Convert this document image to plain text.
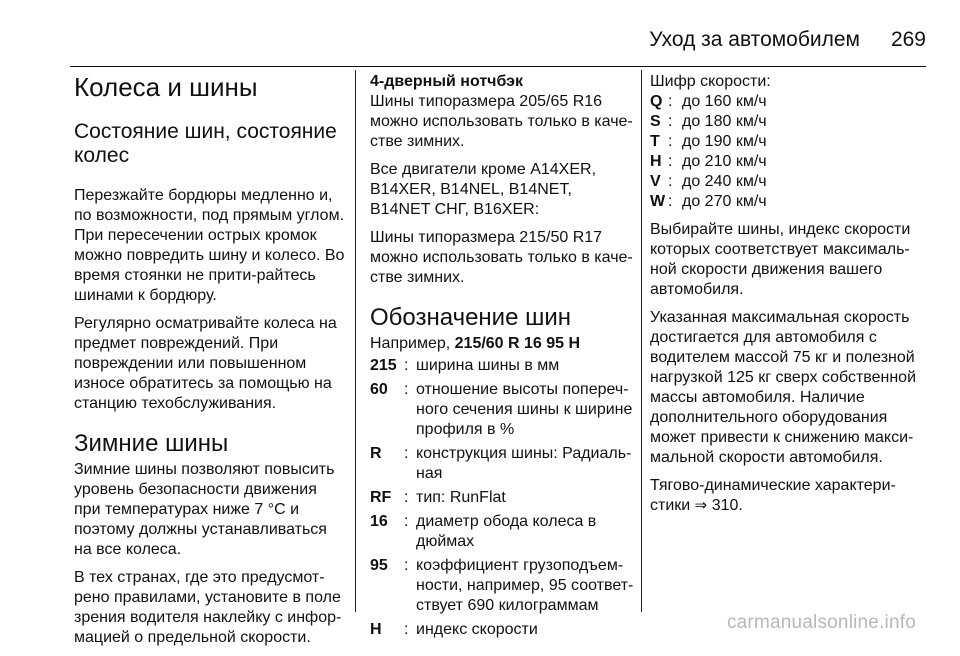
Уход за автомобилем 269
Колеса и шины
Состояние шин, состояние колес

Перезжайте бордюры медленно и, по возможности, под прямым углом. При пересечении острых кромок можно повредить шину и колесо. Во время стоянки не прити-райтесь шинами к бордюру.

Регулярно осматривайте колеса на предмет повреждений. При повреждении или повышенном износе обратитесь за помощью на станцию техобслуживания.

Зимние шины

Зимние шины позволяют повысить уровень безопасности движения при температурах ниже 7 °C и поэтому должны устанавливаться на все колеса.

В тех странах, где это предусмот-рено правилами, установите в поле зрения водителя наклейку с инфор-мацией о предельной скорости.

4-дверный нотчбэк

Шины типоразмера 205/65 R16 можно использовать только в каче-стве зимних.

Все двигатели кроме A14XER, B14XER, B14NEL, B14NET, B14NET СНГ, B16XER:

Шины типоразмера 215/50 R17 можно использовать только в каче-стве зимних.

Обозначение шин
Например, 215/60 R 16 95 H
215 : ширина шины в мм
60	: отношение высоты попереч-ного сечения шины к ширине профиля в %
R	: конструкция шины: Радиаль-ная
RF : тип: RunFlat
16	: диаметр обода колеса в дюймах
95	: коэффициент грузоподъем-ности, например, 95 соответ-ствует 690 килограммам
H	: индекс скорости
Шифр скорости:
Q : до 160 км/ч
S : до 180 км/ч
T : до 190 км/ч
H : до 210 км/ч
V : до 240 км/ч
W : до 270 км/ч

Выбирайте шины, индекс скорости которых соответствует максималь-ной скорости движения вашего автомобиля.

Указанная максимальная скорость достигается для автомобиля с водителем массой 75 кг и полезной нагрузкой 125 кг сверх собственной массы автомобиля. Наличие дополнительного оборудования может привести к снижению макси-мальной скорости автомобиля.

Тягово-динамические характери-стики ⇒ 310.

carmanualsonline.info
